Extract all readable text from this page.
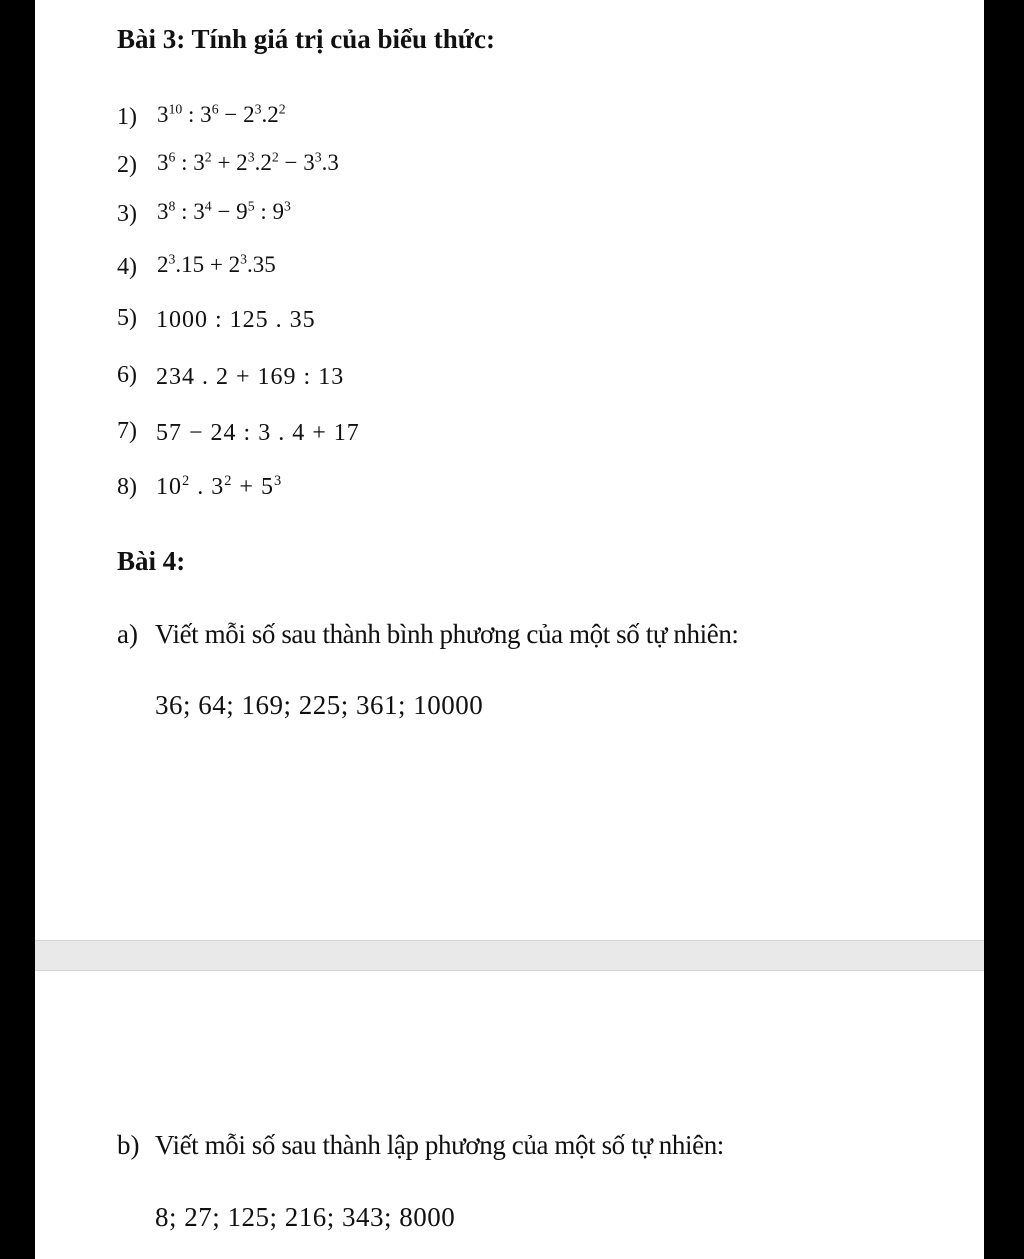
Bài 3: Tính giá trị của biểu thức:
1) $3^{10}$ : $3^6 - 2^3.2^2$
2) $3^6$ : $3^2 + 2^3.2^2 - 3^3.3$
3) $3^8$ : $3^4 - 9^5$ : $9^3$
4) $2^3.15 + 2^3.35$
5) 1000 : 125 . 35
6) 234 . 2 + 169 : 13
7) 57 − 24 : 3 . 4 + 17
8) $10^2$ . $3^2 + 5^3$
Bài 4:
a) Viết mỗi số sau thành bình phương của một số tự nhiên:
36; 64; 169; 225; 361; 10000
b) Viết mỗi số sau thành lập phương của một số tự nhiên:
8; 27; 125; 216; 343; 8000
